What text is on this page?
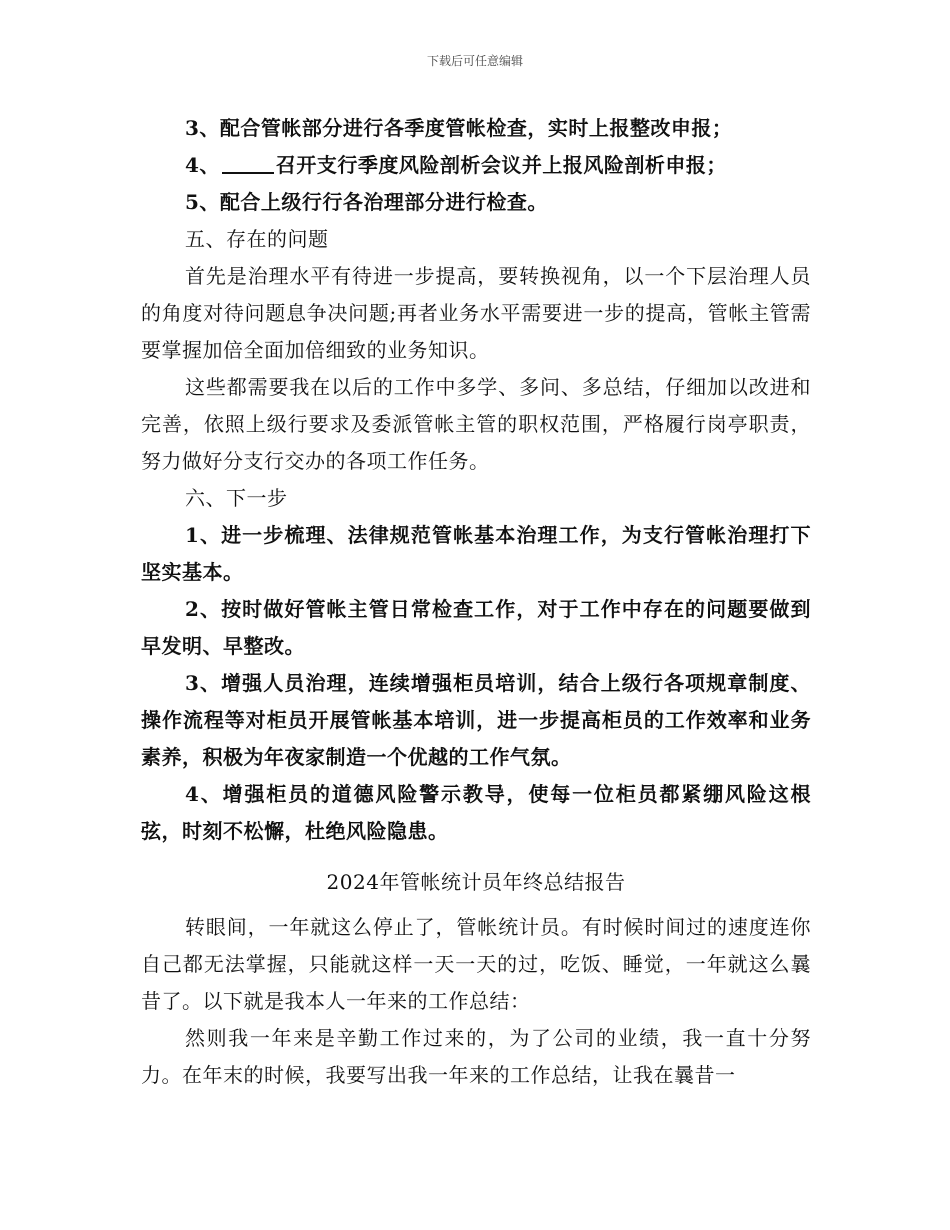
下载后可任意编辑

3、配合管帐部分进行各季度管帐检查，实时上报整改申报；

4、	召开支行季度风险剖析会议并上报风险剖析申报；

5、配合上级行行各治理部分进行检查。

五、存在的问题

首先是治理水平有待进一步提高，要转换视角，以一个下层治理人员的角度对待问题息争决问题;再者业务水平需要进一步的提高，管帐主管需要掌握加倍全面加倍细致的业务知识。

这些都需要我在以后的工作中多学、多问、多总结，仔细加以改进和完善，依照上级行要求及委派管帐主管的职权范围，严格履行岗亭职责，努力做好分支行交办的各项工作任务。

六、下一步

1、进一步梳理、法律规范管帐基本治理工作，为支行管帐治理打下坚实基本。

2、按时做好管帐主管日常检查工作，对于工作中存在的问题要做到早发明、早整改。

3、增强人员治理，连续增强柜员培训，结合上级行各项规章制度、操作流程等对柜员开展管帐基本培训，进一步提高柜员的工作效率和业务素养，积极为年夜家制造一个优越的工作气氛。

4、增强柜员的道德风险警示教导，使每一位柜员都紧绷风险这根弦，时刻不松懈，杜绝风险隐患。

2024年管帐统计员年终总结报告

转眼间，一年就这么停止了，管帐统计员。有时候时间过的速度连你自己都无法掌握，只能就这样一天一天的过，吃饭、睡觉，一年就这么曩昔了。以下就是我本人一年来的工作总结：

然则我一年来是辛勤工作过来的，为了公司的业绩，我一直十分努力。在年末的时候，我要写出我一年来的工作总结，让我在曩昔一
